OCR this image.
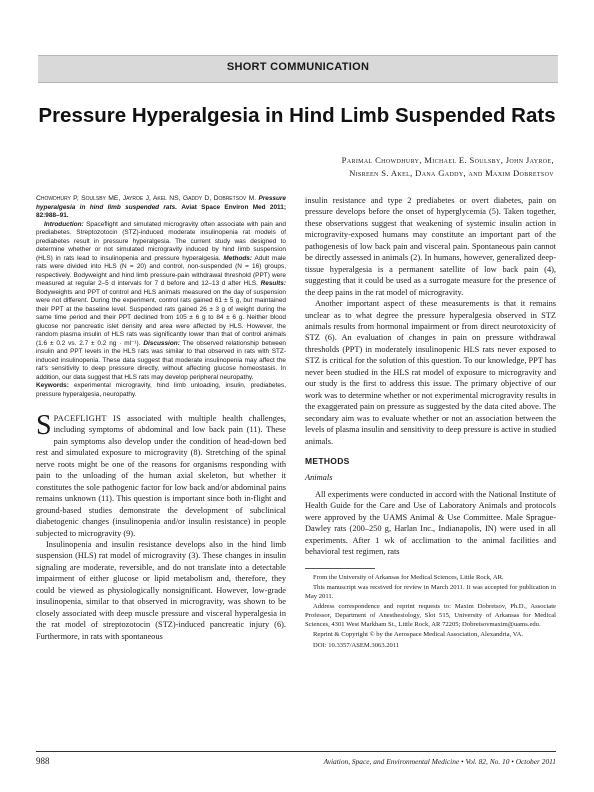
SHORT COMMUNICATION
Pressure Hyperalgesia in Hind Limb Suspended Rats
Parimal Chowdhury, Michael E. Soulsby, John Jayroe,
Nisreen S. Akel, Dana Gaddy, and Maxim Dobretsov

Chowdhury P, Soulsby ME, Jayroe J, Akel NS, Gaddy D, Dobretsov M. Pressure hyperalgesia in hind limb suspended rats. Aviat Space Environ Med 2011; 82:988–91.

Introduction: Spaceflight and simulated microgravity often associate with pain and prediabetes. Streptozotocin (STZ)-induced moderate insulinopenia rat models of prediabetes result in pressure hyperalgesia. The current study was designed to determine whether or not simulated microgravity induced by hind limb suspension (HLS) in rats lead to insulinopenia and pressure hyperalgesia. Methods: Adult male rats were divided into HLS (N = 20) and control, non-suspended (N = 16) groups, respectively. Bodyweight and hind limb pressure-pain withdrawal threshold (PPT) were measured at regular 2–5 d intervals for 7 d before and 12–13 d after HLS. Results: Bodyweights and PPT of control and HLS animals measured on the day of suspension were not different. During the experiment, control rats gained 61 ± 5 g, but maintained their PPT at the baseline level. Suspended rats gained 26 ± 3 g of weight during the same time period and their PPT declined from 105 ± 6 g to 84 ± 6 g. Neither blood glucose nor pancreatic islet density and area were affected by HLS. However, the random plasma insulin of HLS rats was significantly lower than that of control animals (1.6 ± 0.2 vs. 2.7 ± 0.2 ng · ml⁻¹). Discussion: The observed relationship between insulin and PPT levels in the HLS rats was similar to that observed in rats with STZ-induced insulinopenia. These data suggest that moderate insulinopenia may affect the rat's sensitivity to deep pressure directly, without affecting glucose homeostasis. In addition, our data suggest that HLS rats may develop peripheral neuropathy.

Keywords: experimental microgravity, hind limb unloading, insulin, prediabetes, pressure hyperalgesia, neuropathy.

SPACEFLIGHT IS associated with multiple health challenges, including symptoms of abdominal and low back pain (11). These pain symptoms also develop under the condition of head-down bed rest and simulated exposure to microgravity (8). Stretching of the spinal nerve roots might be one of the reasons for organisms responding with pain to the unloading of the human axial skeleton, but whether it constitutes the sole pathogenic factor for low back and/or abdominal pains remains unknown (11). This question is important since both in-flight and ground-based studies demonstrate the development of subclinical diabetogenic changes (insulinopenia and/or insulin resistance) in people subjected to microgravity (9).

Insulinopenia and insulin resistance develops also in the hind limb suspension (HLS) rat model of microgravity (3). These changes in insulin signaling are moderate, reversible, and do not translate into a detectable impairment of either glucose or lipid metabolism and, therefore, they could be viewed as physiologically nonsignificant. However, low-grade insulinopenia, similar to that observed in microgravity, was shown to be closely associated with deep muscle pressure and visceral hyperalgesia in the rat model of streptozotocin (STZ)-induced pancreatic injury (6). Furthermore, in rats with spontaneous

insulin resistance and type 2 prediabetes or overt diabetes, pain on pressure develops before the onset of hyperglycemia (5). Taken together, these observations suggest that weakening of systemic insulin action in microgravity-exposed humans may constitute an important part of the pathogenesis of low back pain and visceral pain. Spontaneous pain cannot be directly assessed in animals (2). In humans, however, generalized deep-tissue hyperalgesia is a permanent satellite of low back pain (4), suggesting that it could be used as a surrogate measure for the presence of the deep pains in the rat model of microgravity.

Another important aspect of these measurements is that it remains unclear as to what degree the pressure hyperalgesia observed in STZ animals results from hormonal impairment or from direct neurotoxicity of STZ (6). An evaluation of changes in pain on pressure withdrawal thresholds (PPT) in moderately insulinopenic HLS rats never exposed to STZ is critical for the solution of this question. To our knowledge, PPT has never been studied in the HLS rat model of exposure to microgravity and our study is the first to address this issue. The primary objective of our work was to determine whether or not experimental microgravity results in the exaggerated pain on pressure as suggested by the data cited above. The secondary aim was to evaluate whether or not an association between the levels of plasma insulin and sensitivity to deep pressure is active in studied animals.

METHODS
Animals

All experiments were conducted in accord with the National Institute of Health Guide for the Care and Use of Laboratory Animals and protocols were approved by the UAMS Animal & Use Committee. Male Sprague-Dawley rats (200–250 g, Harlan Inc., Indianapolis, IN) were used in all experiments. After 1 wk of acclimation to the animal facilities and behavioral test regimen, rats

From the University of Arkansas for Medical Sciences, Little Rock, AR.

This manuscript was received for review in March 2011. It was accepted for publication in May 2011.

Address correspondence and reprint requests to: Maxim Dobretsov, Ph.D., Associate Professor, Department of Anesthesiology, Slot 515, University of Arkansas for Medical Sciences, 4301 West Markham St., Little Rock, AR 72205; Dobretsovmaxim@uams.edu.

Reprint & Copyright © by the Aerospace Medical Association, Alexandria, VA.

DOI: 10.3357/ASEM.3063.2011

988	Aviation, Space, and Environmental Medicine • Vol. 82, No. 10 • October 2011
